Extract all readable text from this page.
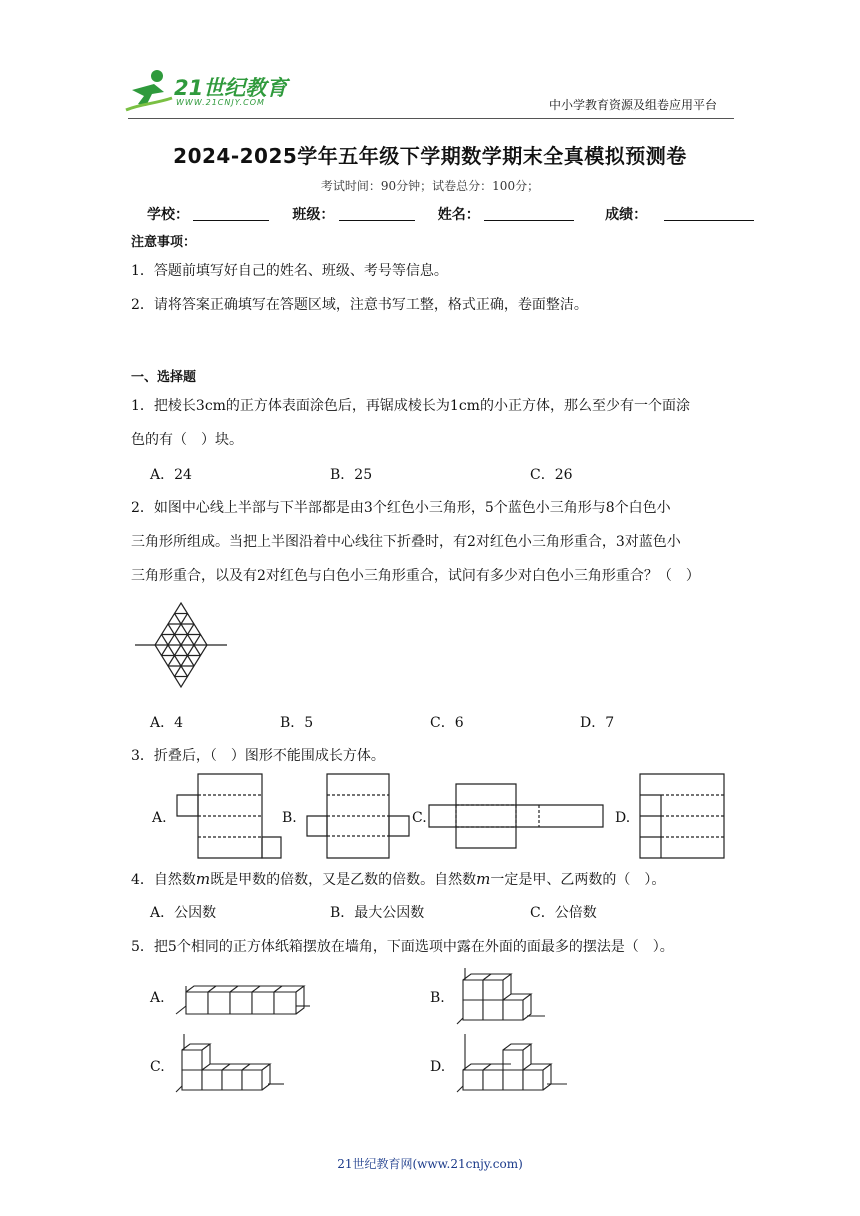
21世纪教育
WWW.21CNJY.COM	中小学教育资源及组卷应用平台
2024-2025学年五年级下学期数学期末全真模拟预测卷
考试时间：90分钟；试卷总分：100分；
学校：	班级：	姓名：	成绩：
注意事项：
1．答题前填写好自己的姓名、班级、考号等信息。
2．请将答案正确填写在答题区域，注意书写工整，格式正确，卷面整洁。
一、选择题
1．把棱长3cm的正方体表面涂色后，再锯成棱长为1cm的小正方体，那么至少有一个面涂
色的有（　）块。
A．24	B．25	C．26
2．如图中心线上半部与下半部都是由3个红色小三角形，5个蓝色小三角形与8个白色小
三角形所组成。当把上半图沿着中心线往下折叠时，有2对红色小三角形重合，3对蓝色小
三角形重合，以及有2对红色与白色小三角形重合，试问有多少对白色小三角形重合？（　）
A．4	B．5	C．6	D．7
3．折叠后，（　）图形不能围成长方体。
A.	B.	C.	D.
4．自然数m既是甲数的倍数，又是乙数的倍数。自然数m一定是甲、乙两数的（　）。
A．公因数	B．最大公因数	C．公倍数
5．把5个相同的正方体纸箱摆放在墙角，下面选项中露在外面的面最多的摆法是（　）。
A.	B.
C.	D.
21世纪教育网(www.21cnjy.com)
